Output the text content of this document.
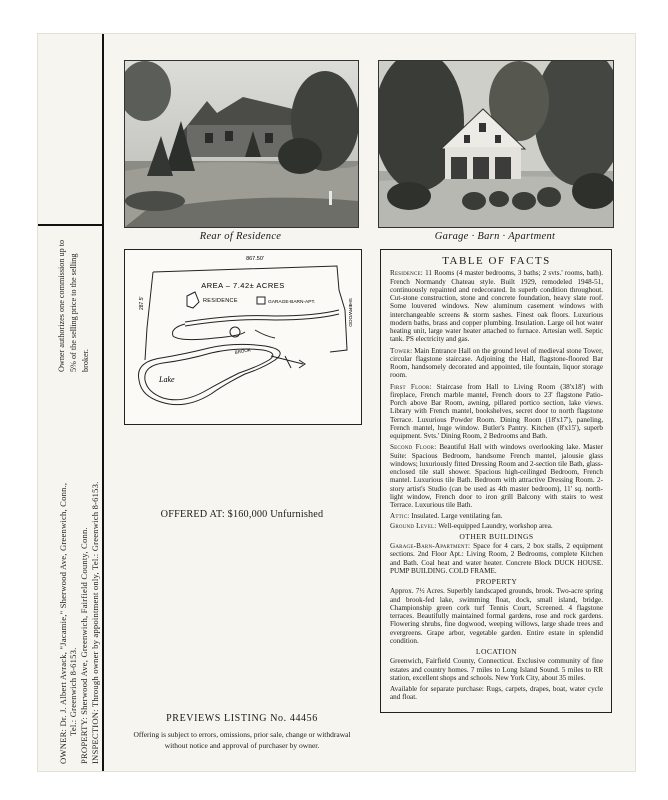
Owner authorizes one commission up to 5% of the selling price to the selling broker.
OWNER: Dr. J. Albert Avrack, "Jacamie," Sherwood Ave, Greenwich, Conn., Tel.: Greenwich 8-6153. PROPERTY: Sherwood Ave, Greenwich, Fairfield County, Conn. INSPECTION: Through owner by appointment only, Tel.: Greenwich 8-6153.
Rear of Residence	Garage · Barn · Apartment
867.50'
AREA – 7.42± ACRES
RESIDENCE	GARAGE-BARN-APT.
Lake
BROOK
287.5'	SHERWOOD
OFFERED AT: $160,000 Unfurnished
PREVIEWS LISTING No. 44456
Offering is subject to errors, omissions, prior sale, change or withdrawal without notice and approval of purchaser by owner.
TABLE OF FACTS

Residence: 11 Rooms (4 master bedrooms, 3 baths; 2 svts.' rooms, bath). French Normandy Chateau style. Built 1929, remodeled 1948-51, continuously repainted and redecorated. In superb condition throughout. Cut-stone construction, stone and concrete foundation, heavy slate roof. Some louvered windows. New aluminum casement windows with interchangeable screens & storm sashes. Finest oak floors. Luxurious modern baths, brass and copper plumbing. Insulation. Large oil hot water heating unit, large water heater attached to furnace. Artesian well. Septic tank. PS electricity and gas.

Tower: Main Entrance Hall on the ground level of medieval stone Tower, circular flagstone staircase. Adjoining the Hall, flagstone-floored Bar Room, handsomely decorated and appointed, tile fountain, liquor storage room.

First Floor: Staircase from Hall to Living Room (38'x18') with fireplace, French marble mantel, French doors to 23' flagstone Patio-Porch above Bar Room, awning, pillared portico section, lake views. Library with French mantel, bookshelves, secret door to north flagstone Terrace. Luxurious Powder Room. Dining Room (18'x17'), paneling, French mantel, huge window. Butler's Pantry. Kitchen (8'x15'), superb equipment. Svts.' Dining Room, 2 Bedrooms and Bath.

Second Floor: Beautiful Hall with windows overlooking lake. Master Suite: Spacious Bedroom, handsome French mantel, jalousie glass windows; luxuriously fitted Dressing Room and 2-section tile Bath, glass-enclosed tile stall shower. Spacious high-ceilinged Bedroom, French mantel. Luxurious tile Bath. Bedroom with attractive Dressing Room. 2-story artist's Studio (can be used as 4th master bedroom), 11' sq. north-light window, French door to iron grill Balcony with stairs to west Terrace. Luxurious tile Bath.

Attic: Insulated. Large ventilating fan.

Ground Level: Well-equipped Laundry, workshop area.

OTHER BUILDINGS

Garage-Barn-Apartment: Space for 4 cars, 2 box stalls, 2 equipment sections. 2nd Floor Apt.: Living Room, 2 Bedrooms, complete Kitchen and Bath. Coal heat and water heater. Concrete Block DUCK HOUSE. PUMP BUILDING. COLD FRAME.

PROPERTY

Approx. 7½ Acres. Superbly landscaped grounds, brook. Two-acre spring and brook-fed lake, swimming float, dock, small island, bridge. Championship green cork turf Tennis Court, Screened. 4 flagstone terraces. Beautifully maintained formal gardens, rose and rock gardens. Flowering shrubs, fine dogwood, weeping willows, large shade trees and evergreens. Grape arbor, vegetable garden. Entire estate in splendid condition.

LOCATION

Greenwich, Fairfield County, Connecticut. Exclusive community of fine estates and country homes. 7 miles to Long Island Sound. 5 miles to RR station, excellent shops and schools. New York City, about 35 miles.

Available for separate purchase: Rugs, carpets, drapes, boat, water cycle and float.
